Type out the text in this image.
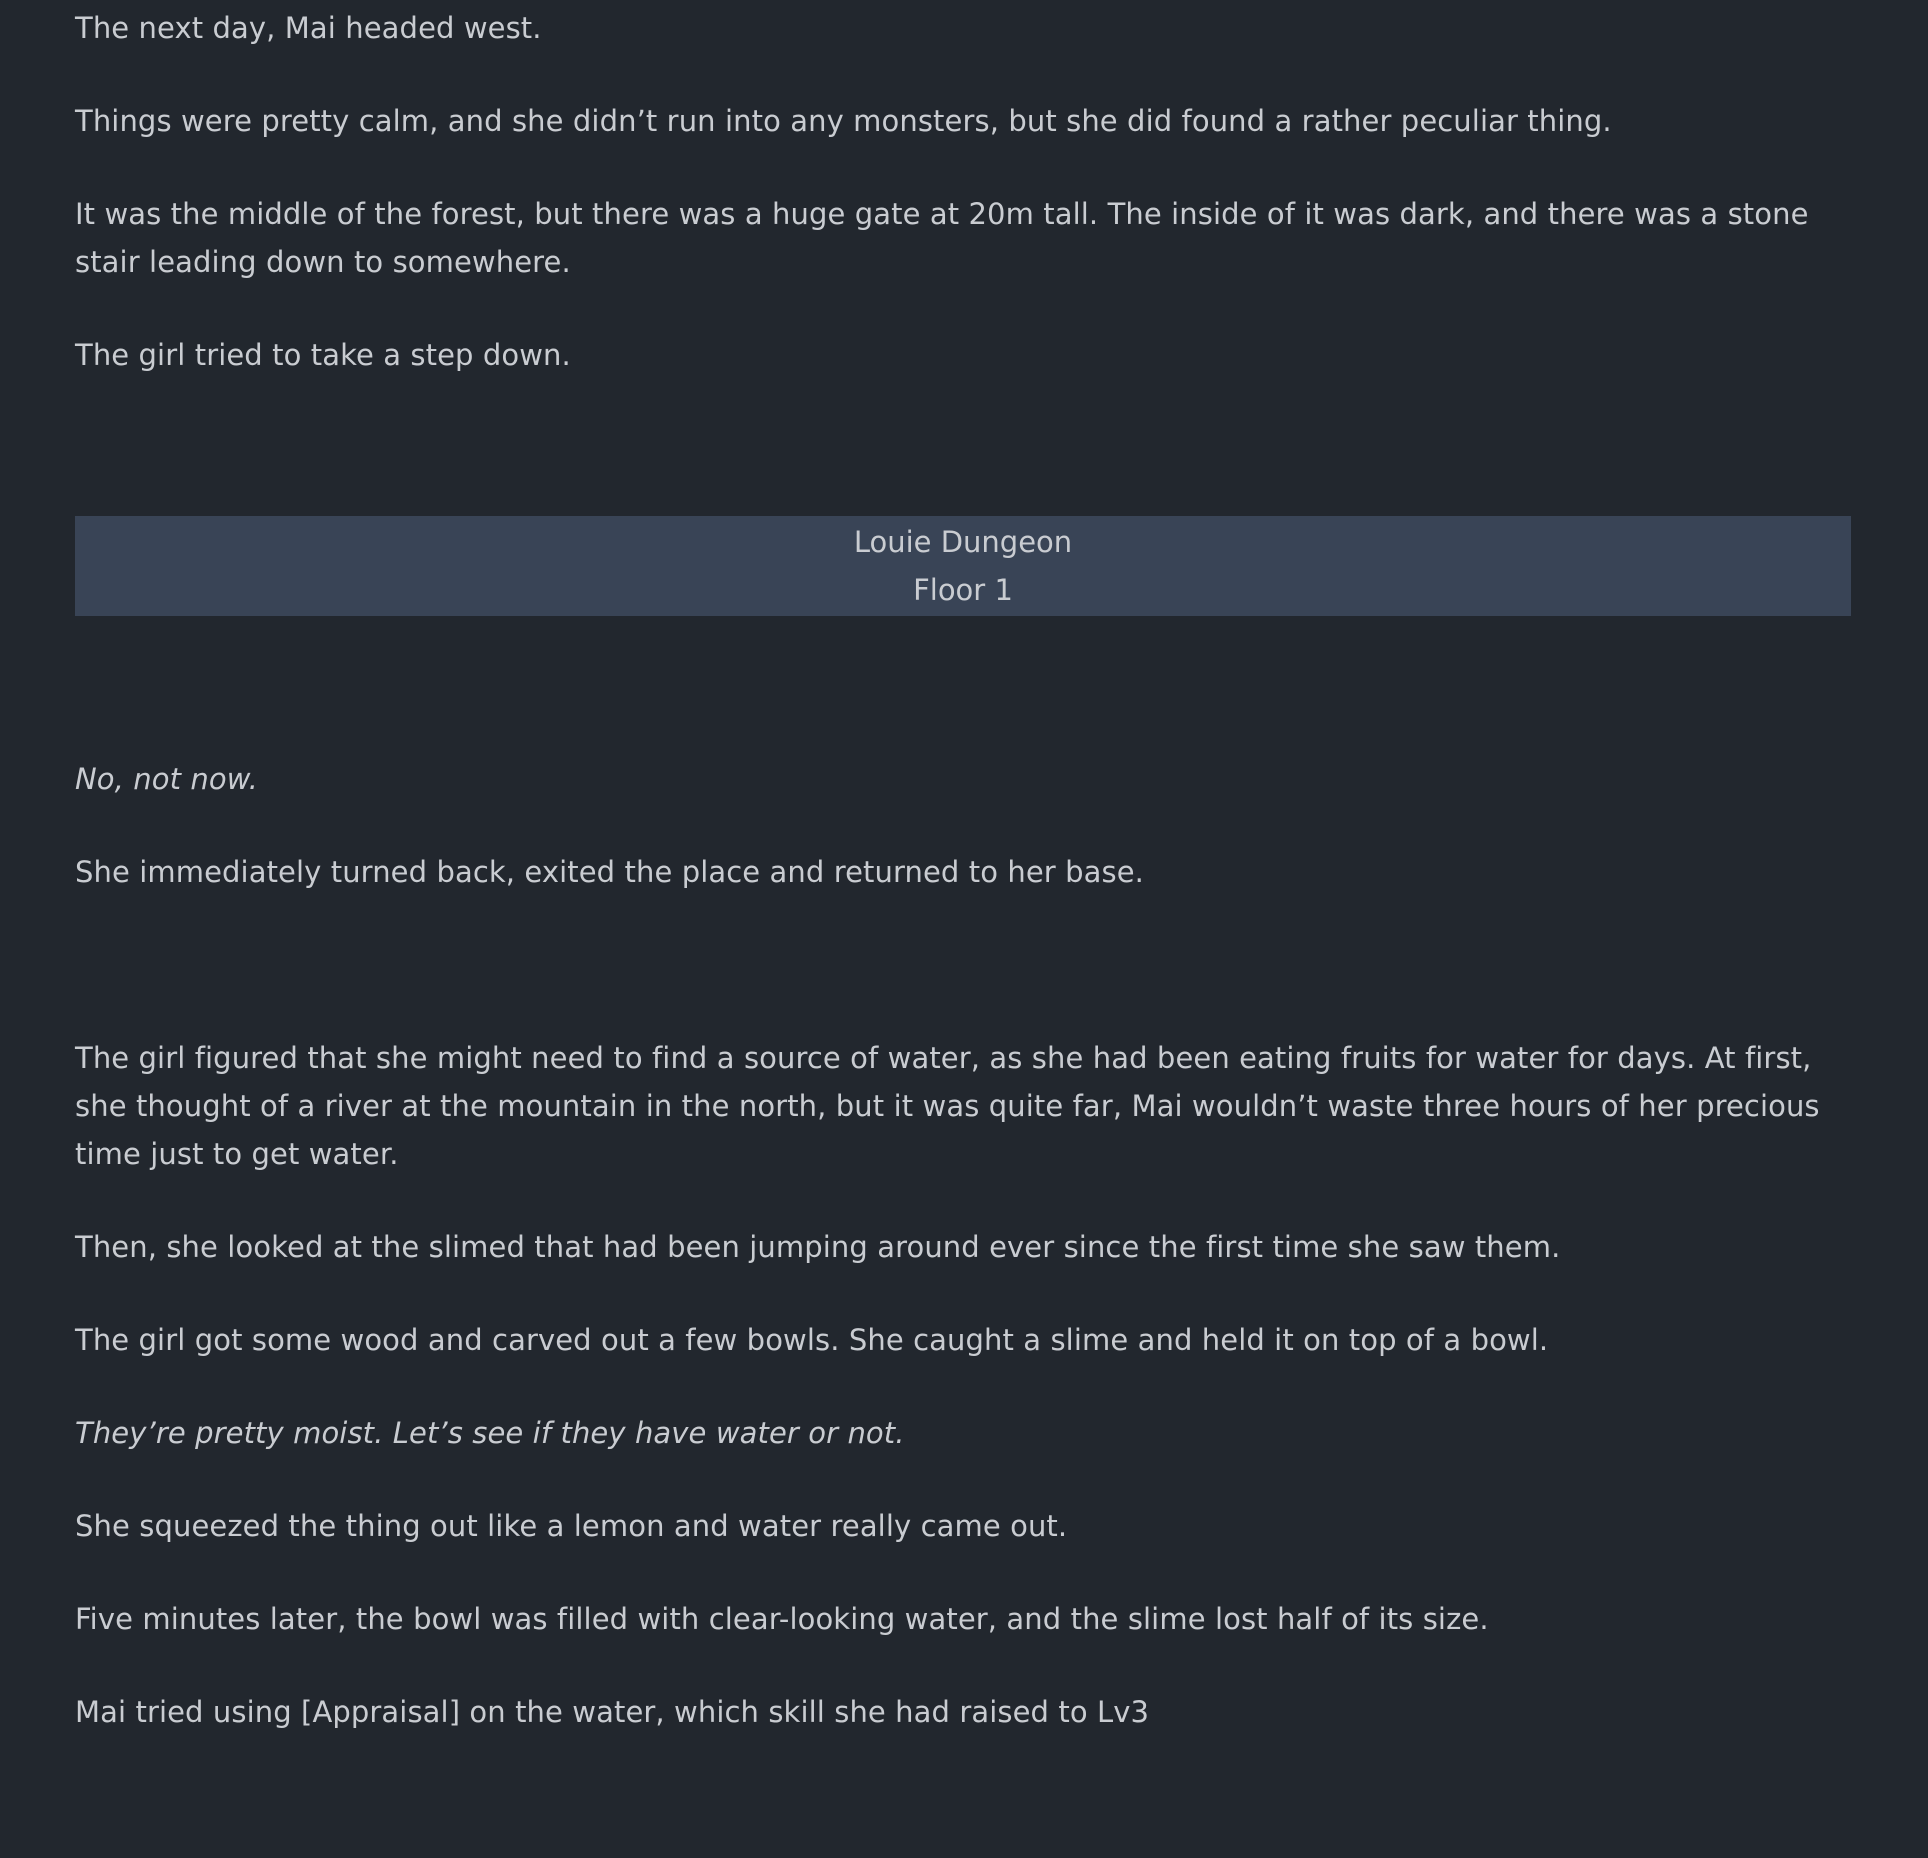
The next day, Mai headed west.

Things were pretty calm, and she didn’t run into any monsters, but she did found a rather peculiar thing.

It was the middle of the forest, but there was a huge gate at 20m tall. The inside of it was dark, and there was a stone stair leading down to somewhere.

The girl tried to take a step down.

Louie Dungeon
Floor 1

No, not now.

She immediately turned back, exited the place and returned to her base.

The girl figured that she might need to find a source of water, as she had been eating fruits for water for days. At first, she thought of a river at the mountain in the north, but it was quite far, Mai wouldn’t waste three hours of her precious time just to get water.

Then, she looked at the slimed that had been jumping around ever since the first time she saw them.

The girl got some wood and carved out a few bowls. She caught a slime and held it on top of a bowl.

They’re pretty moist. Let’s see if they have water or not.

She squeezed the thing out like a lemon and water really came out.

Five minutes later, the bowl was filled with clear-looking water, and the slime lost half of its size.

Mai tried using [Appraisal] on the water, which skill she had raised to Lv3
